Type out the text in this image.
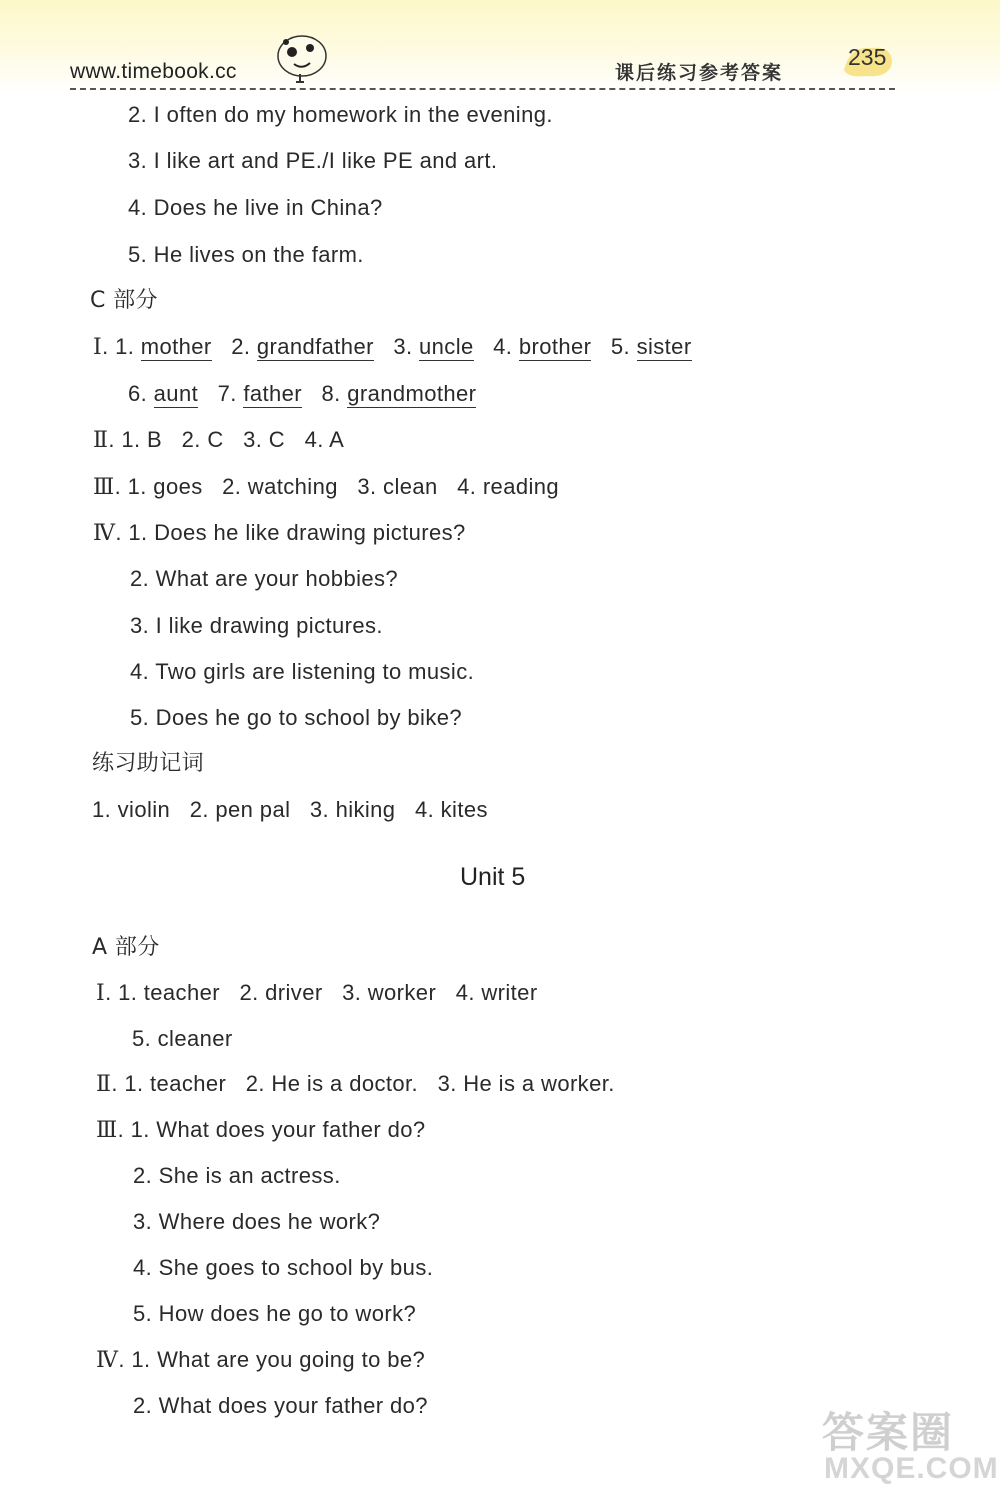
www.timebook.cc	课后练习参考答案
235
2. I often do my homework in the evening.
3. I like art and PE./I like PE and art.
4. Does he live in China?
5. He lives on the farm.
C 部分
Ⅰ. 1. mother 2. grandfather 3. uncle 4. brother 5. sister
6. aunt 7. father 8. grandmother
Ⅱ. 1. B   2. C   3. C   4. A
Ⅲ. 1. goes   2. watching   3. clean   4. reading
Ⅳ. 1. Does he like drawing pictures?
2. What are your hobbies?
3. I like drawing pictures.
4. Two girls are listening to music.
5. Does he go to school by bike?
练习助记词
1. violin   2. pen pal   3. hiking   4. kites
Unit 5
A 部分
Ⅰ. 1. teacher   2. driver   3. worker   4. writer
5. cleaner
Ⅱ. 1. teacher   2. He is a doctor.   3. He is a worker.
Ⅲ. 1. What does your father do?
2. She is an actress.
3. Where does he work?
4. She goes to school by bus.
5. How does he go to work?
Ⅳ. 1. What are you going to be?
2. What does your father do?
答案圈
MXQE.COM
